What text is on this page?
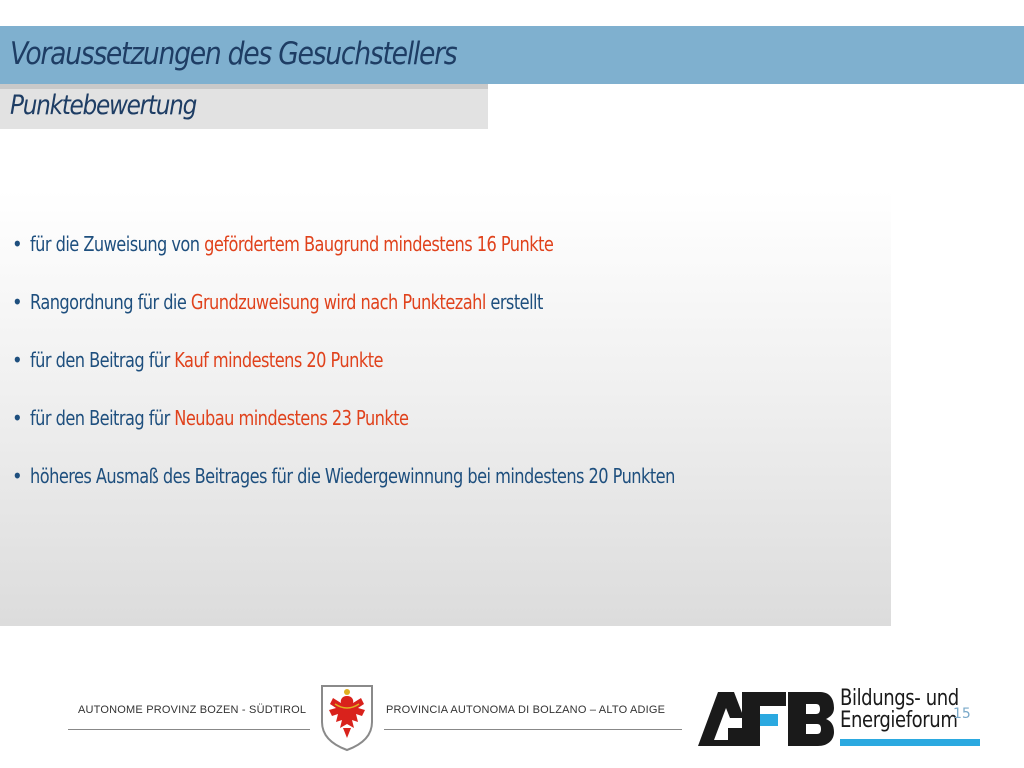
Voraussetzungen des Gesuchstellers
Punktebewertung
• für die Zuweisung von gefördertem Baugrund mindestens 16 Punkte
• Rangordnung für die Grundzuweisung wird nach Punktezahl erstellt
• für den Beitrag für Kauf mindestens 20 Punkte
• für den Beitrag für Neubau mindestens 23 Punkte
• höheres Ausmaß des Beitrages für die Wiedergewinnung bei mindestens 20 Punkten
AUTONOME PROVINZ BOZEN - SÜDTIROL	PROVINCIA AUTONOMA DI BOLZANO – ALTO ADIGE	Bildungs- und
Energieforum
15
